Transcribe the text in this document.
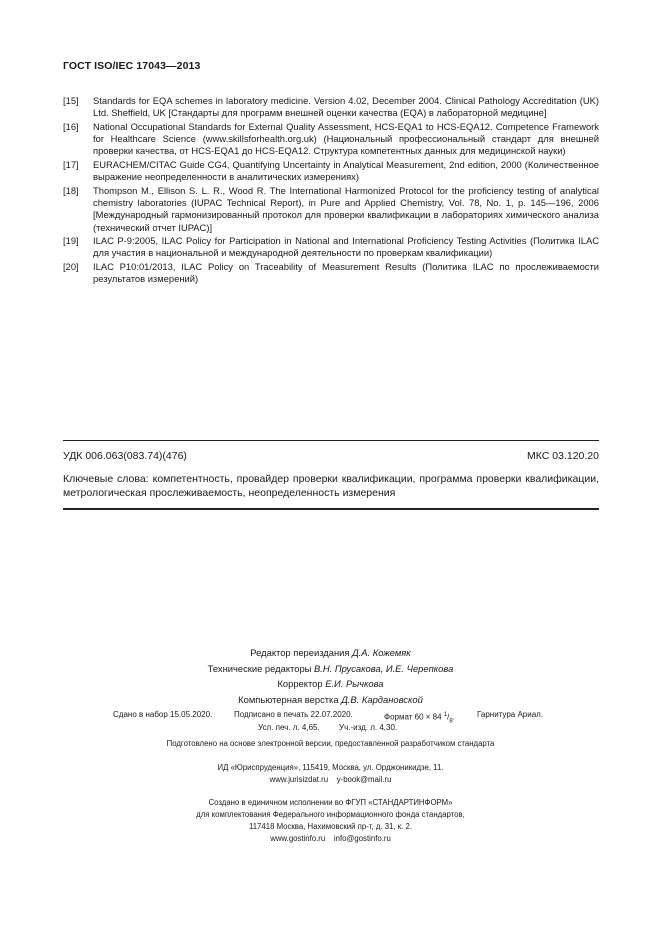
ГОСТ ISO/IEC 17043—2013
[15]	Standards for EQA schemes in laboratory medicine. Version 4.02, December 2004. Clinical Pathology Accreditation (UK) Ltd. Sheffield, UK [Стандарты для программ внешней оценки качества (EQA) в лабораторной медицине]
[16]	National Occupational Standards for External Quality Assessment, HCS-EQA1 to HCS-EQA12. Competence Framework for Healthcare Science (www.skillsforhealth.org.uk) (Национальный профессиональный стандарт для внешней проверки качества, от HCS-EQA1 до HCS-EQA12. Структура компетентных данных для медицинской науки)
[17]	EURACHEM/CITAC Guide CG4, Quantifying Uncertainty in Analytical Measurement, 2nd edition, 2000 (Количественное выражение неопределенности в аналитических измерениях)
[18]	Thompson M., Ellison S. L. R., Wood R. The International Harmonized Protocol for the proficiency testing of analytical chemistry laboratories (IUPAC Technical Report), in Pure and Applied Chemistry, Vol. 78, No. 1, p. 145—196, 2006 [Международный гармонизированный протокол для проверки квалификации в лабораториях химического анализа (технический отчет IUPAC)]
[19]	ILAC P-9:2005, ILAC Policy for Participation in National and International Proficiency Testing Activities (Политика ILAC для участия в национальной и международной деятельности по проверкам квалификации)
[20]	ILAC P10:01/2013, ILAC Policy on Traceability of Measurement Results (Политика ILAC по прослеживаемости результатов измерений)
УДК 006.063(083.74)(476)	МКС 03.120.20
Ключевые слова: компетентность, провайдер проверки квалификации, программа проверки квалификации, метрологическая прослеживаемость, неопределенность измерения
Редактор переиздания Д.А. Кожемяк
Технические редакторы В.Н. Прусакова, И.Е. Черепкова
Корректор Е.И. Рычкова
Компьютерная верстка Д.В. Кардановской
Сдано в набор 15.05.2020.	Подписано в печать 22.07.2020.	Формат 60 × 84 $^1/_8$.	Гарнитура Ариал.
Усл. печ. л. 4,65. Уч.-изд. л. 4,30.
Подготовлено на основе электронной версии, предоставленной разработчиком стандарта
ИД «Юриспруденция», 115419, Москва, ул. Орджоникидзе, 11.
www.jurisizdat.ru    y-book@mail.ru
Создано в единичном исполнении во ФГУП «СТАНДАРТИНФОРМ»
для комплектования Федерального информационного фонда стандартов,
117418 Москва, Нахимовский пр-т, д. 31, к. 2.
www.gostinfo.ru    info@gostinfo.ru
